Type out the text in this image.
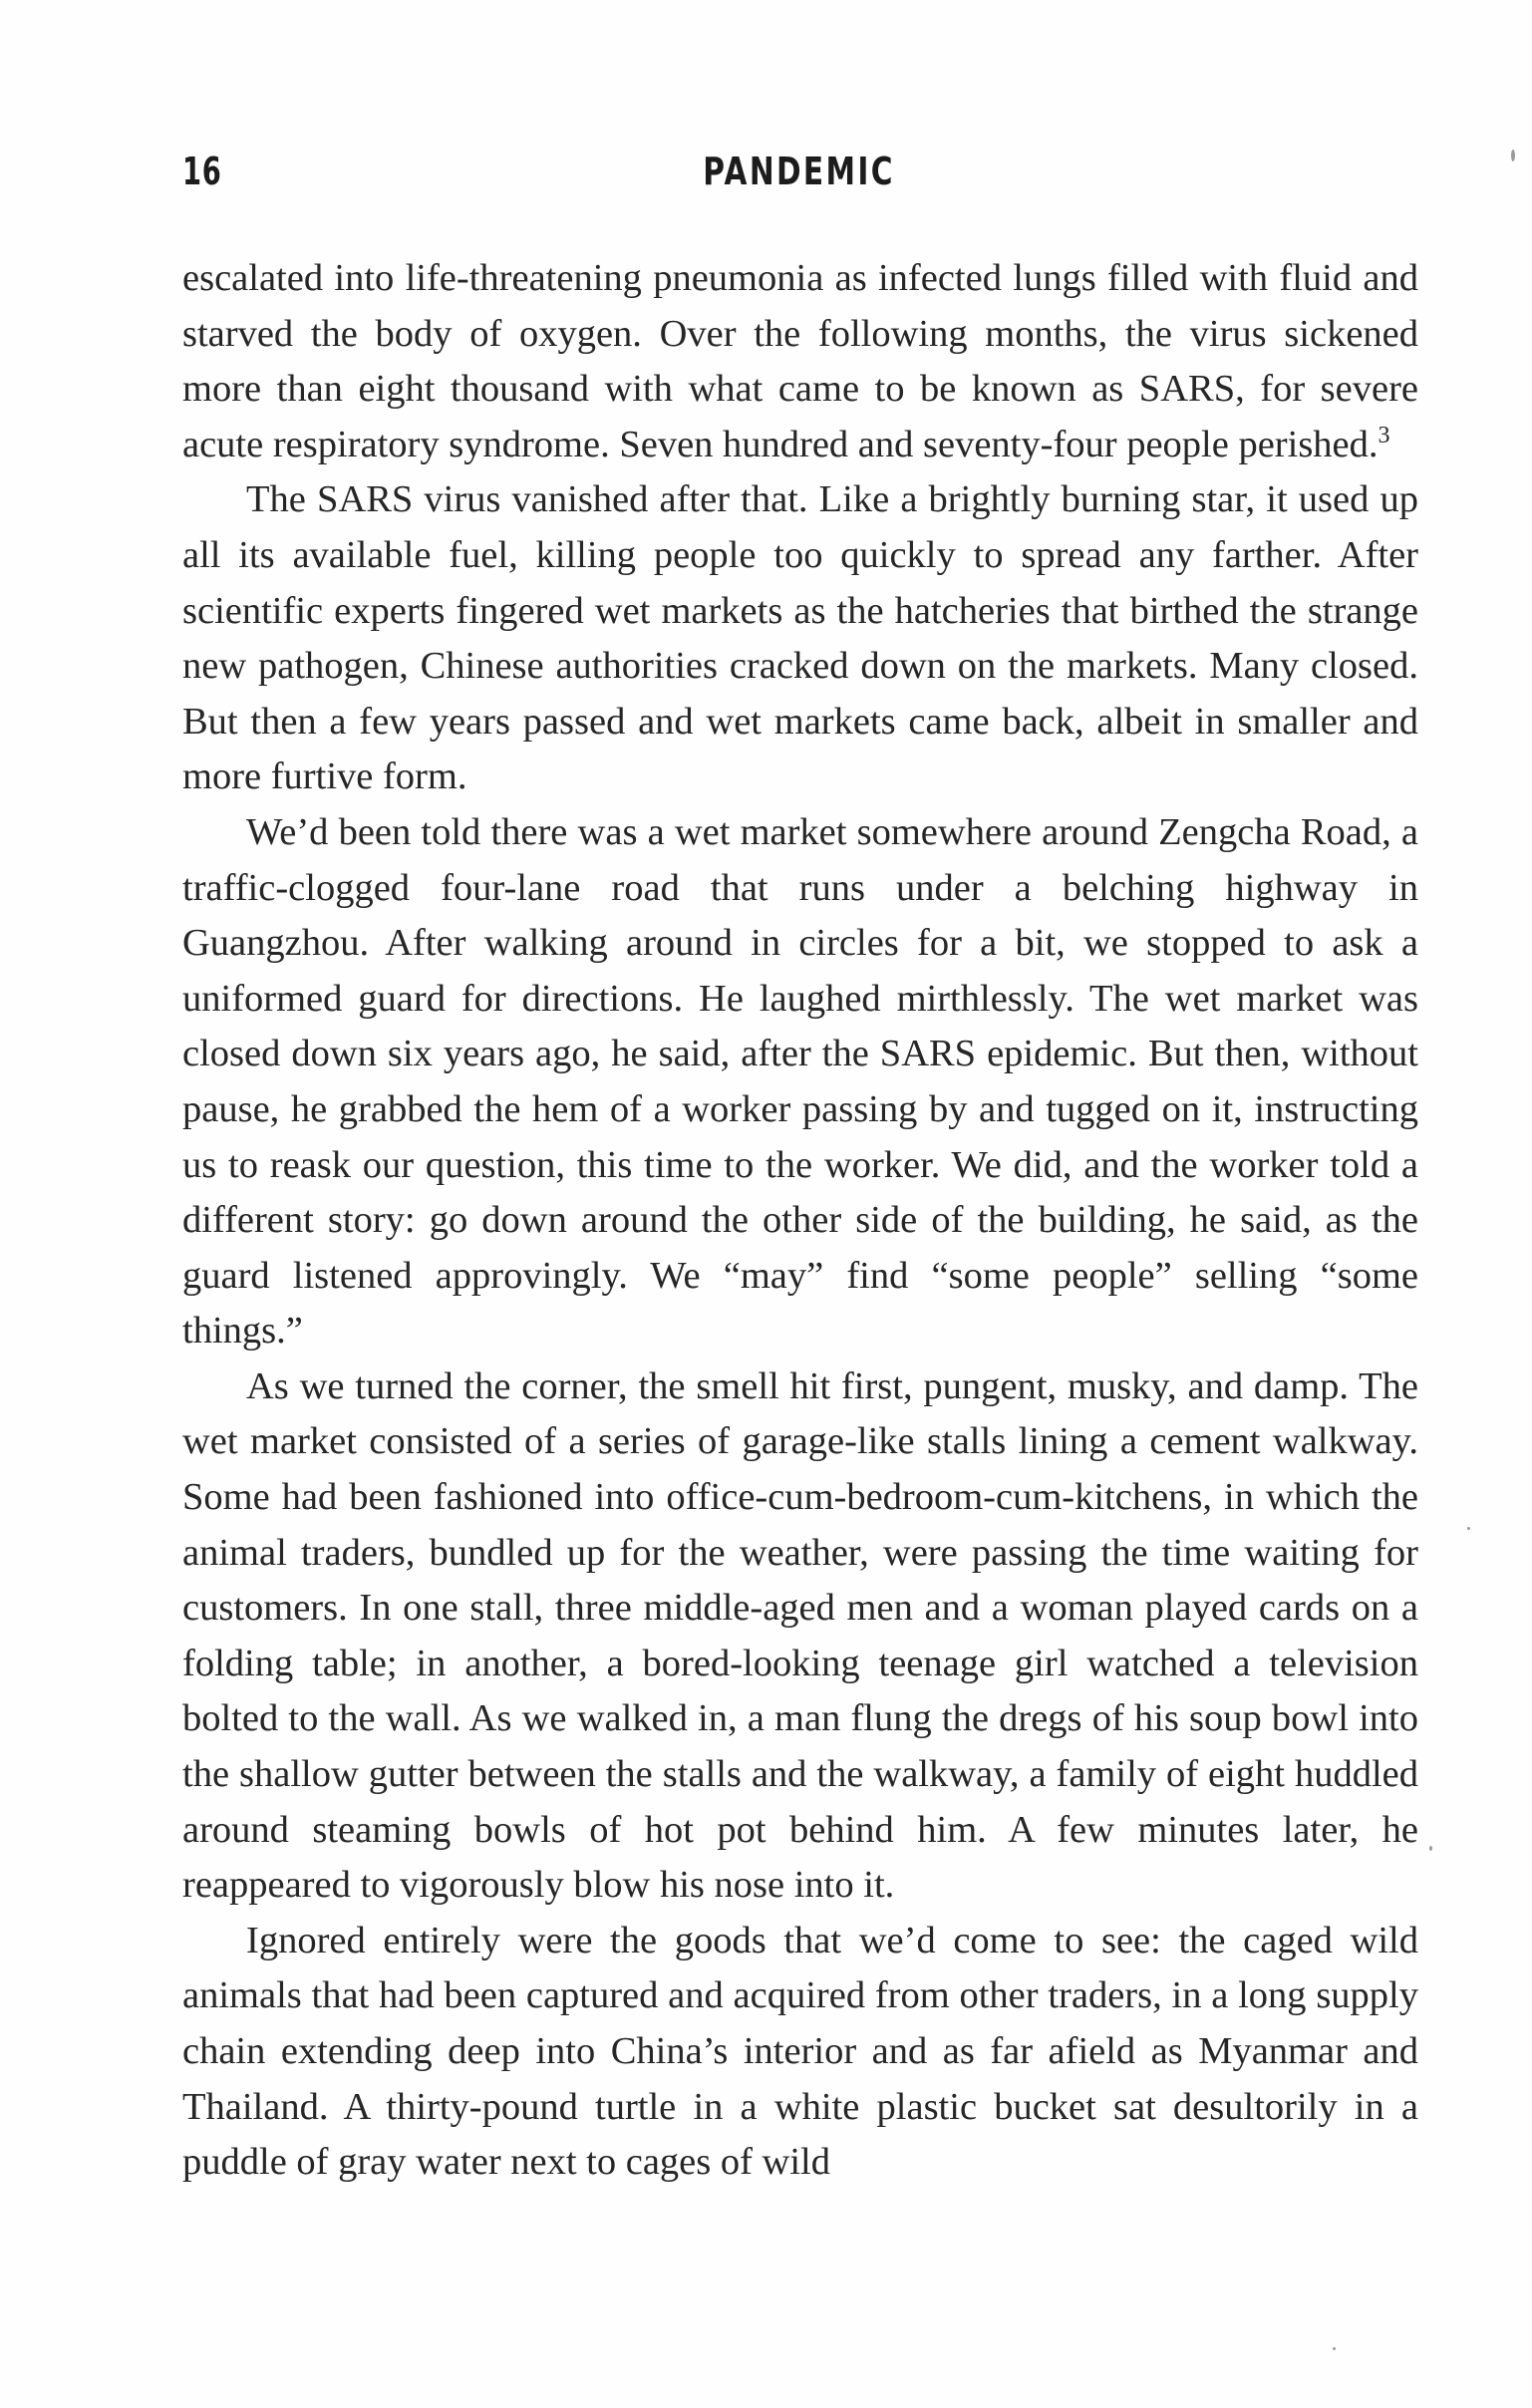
16	PANDEMIC

escalated into life-threatening pneumonia as infected lungs filled with fluid and starved the body of oxygen. Over the following months, the virus sickened more than eight thousand with what came to be known as SARS, for severe acute respiratory syndrome. Seven hundred and seventy-four people perished.$^3$

The SARS virus vanished after that. Like a brightly burning star, it used up all its available fuel, killing people too quickly to spread any farther. After scientific experts fingered wet markets as the hatcheries that birthed the strange new pathogen, Chinese authorities cracked down on the markets. Many closed. But then a few years passed and wet markets came back, albeit in smaller and more furtive form.

We’d been told there was a wet market somewhere around Zengcha Road, a traffic-clogged four-lane road that runs under a belching highway in Guangzhou. After walking around in circles for a bit, we stopped to ask a uniformed guard for directions. He laughed mirthlessly. The wet market was closed down six years ago, he said, after the SARS epidemic. But then, without pause, he grabbed the hem of a worker passing by and tugged on it, instructing us to reask our question, this time to the worker. We did, and the worker told a different story: go down around the other side of the building, he said, as the guard listened approvingly. We “may” find “some people” selling “some things.”

As we turned the corner, the smell hit first, pungent, musky, and damp. The wet market consisted of a series of garage-like stalls lining a cement walkway. Some had been fashioned into office-cum-bedroom-cum-kitchens, in which the animal traders, bundled up for the weather, were passing the time waiting for customers. In one stall, three middle-aged men and a woman played cards on a folding table; in another, a bored-looking teenage girl watched a television bolted to the wall. As we walked in, a man flung the dregs of his soup bowl into the shallow gutter between the stalls and the walkway, a family of eight huddled around steaming bowls of hot pot behind him. A few minutes later, he reappeared to vigorously blow his nose into it.

Ignored entirely were the goods that we’d come to see: the caged wild animals that had been captured and acquired from other traders, in a long supply chain extending deep into China’s interior and as far afield as Myanmar and Thailand. A thirty-pound turtle in a white plastic bucket sat desultorily in a puddle of gray water next to cages of wild
